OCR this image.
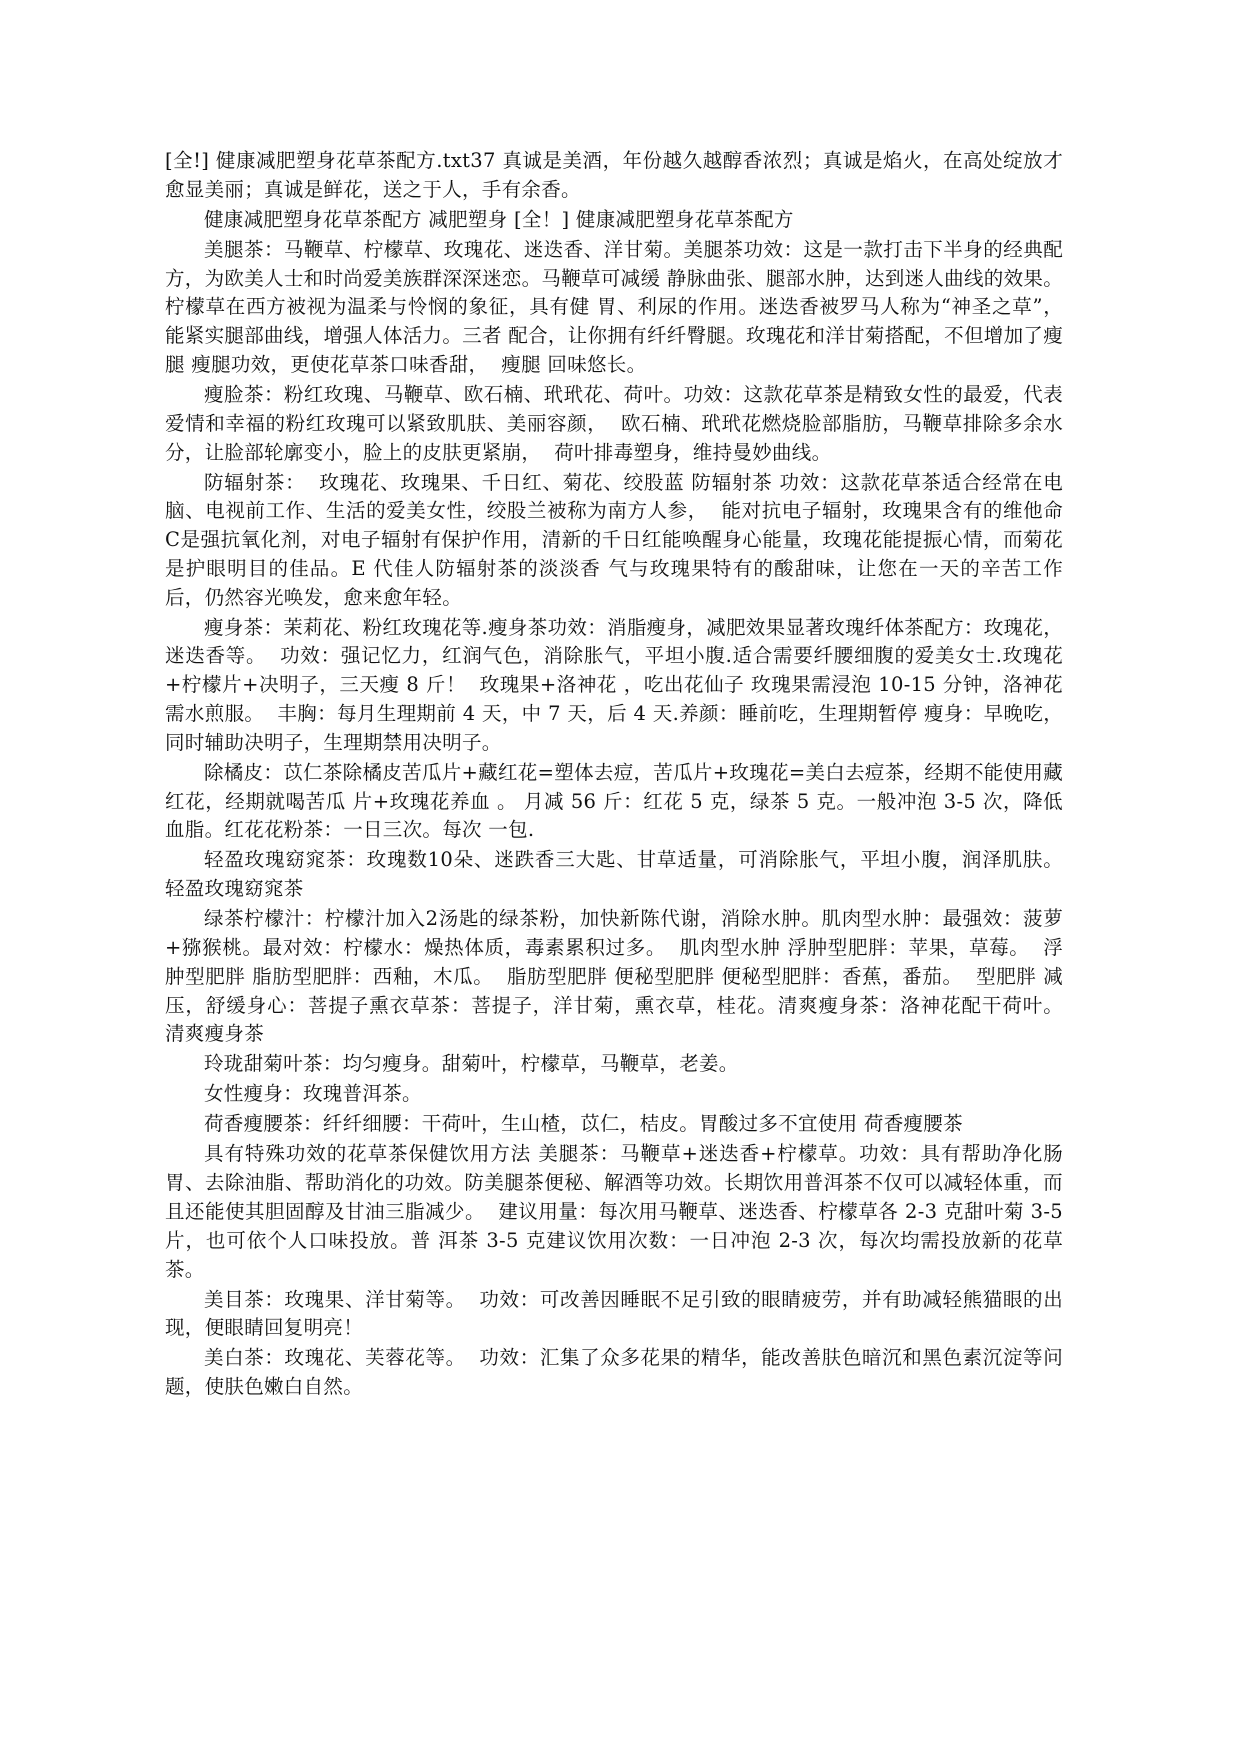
[全!] 健康减肥塑身花草茶配方.txt37 真诚是美酒，年份越久越醇香浓烈；真诚是焰火，在高处绽放才愈显美丽；真诚是鲜花，送之于人，手有余香。

健康减肥塑身花草茶配方 减肥塑身 [全！] 健康减肥塑身花草茶配方

美腿茶：马鞭草、柠檬草、玫瑰花、迷迭香、洋甘菊。美腿茶功效：这是一款打击下半身的经典配方，为欧美人士和时尚爱美族群深深迷恋。马鞭草可减缓 静脉曲张、腿部水肿，达到迷人曲线的效果。柠檬草在西方被视为温柔与怜悯的象征，具有健 胃、利尿的作用。迷迭香被罗马人称为“神圣之草”，能紧实腿部曲线，增强人体活力。三者 配合，让你拥有纤纤臀腿。玫瑰花和洋甘菊搭配，不但增加了瘦腿 瘦腿功效，更使花草茶口味香甜，  瘦腿 回味悠长。

瘦脸茶：粉红玫瑰、马鞭草、欧石楠、玳玳花、荷叶。功效：这款花草茶是精致女性的最爱，代表爱情和幸福的粉红玫瑰可以紧致肌肤、美丽容颜，  欧石楠、玳玳花燃烧脸部脂肪，马鞭草排除多余水分，让脸部轮廓变小，脸上的皮肤更紧崩，  荷叶排毒塑身，维持曼妙曲线。

防辐射茶：  玫瑰花、玫瑰果、千日红、菊花、绞股蓝 防辐射茶 功效：这款花草茶适合经常在电脑、电视前工作、生活的爱美女性，绞股兰被称为南方人参，  能对抗电子辐射，玫瑰果含有的维他命C是强抗氧化剂，对电子辐射有保护作用，清新的千日红能唤醒身心能量，玫瑰花能提振心情，而菊花是护眼明目的佳品。E 代佳人防辐射茶的淡淡香 气与玫瑰果特有的酸甜味，让您在一天的辛苦工作后，仍然容光唤发，愈来愈年轻。

瘦身茶：茉莉花、粉红玫瑰花等.瘦身茶功效：消脂瘦身，减肥效果显著玫瑰纤体茶配方：玫瑰花，迷迭香等。  功效：强记忆力，红润气色，消除胀气，平坦小腹.适合需要纤腰细腹的爱美女士.玫瑰花+柠檬片+决明子，三天瘦 8 斤！  玫瑰果+洛神花 ，吃出花仙子 玫瑰果需浸泡 10-15 分钟，洛神花需水煎服。  丰胸：每月生理期前 4 天，中 7 天，后 4 天.养颜：睡前吃，生理期暂停 瘦身：早晚吃，同时辅助决明子，生理期禁用决明子。

除橘皮：苡仁茶除橘皮苦瓜片+藏红花=塑体去痘，苦瓜片+玫瑰花=美白去痘茶，经期不能使用藏红花，经期就喝苦瓜 片+玫瑰花养血 。 月减 56 斤：红花 5 克，绿茶 5 克。一般冲泡 3-5 次，降低血脂。红花花粉茶：一日三次。每次 一包.

轻盈玫瑰窈窕茶：玫瑰数10朵、迷跌香三大匙、甘草适量，可消除胀气，平坦小腹，润泽肌肤。  轻盈玫瑰窈窕茶

绿茶柠檬汁：柠檬汁加入2汤匙的绿茶粉，加快新陈代谢，消除水肿。肌肉型水肿：最强效：菠萝+猕猴桃。最对效：柠檬水：燥热体质，毒素累积过多。  肌肉型水肿 浮肿型肥胖：苹果，草莓。  浮肿型肥胖 脂肪型肥胖：西釉，木瓜。  脂肪型肥胖 便秘型肥胖 便秘型肥胖：香蕉，番茄。  型肥胖 减压，舒缓身心：菩提子熏衣草茶：菩提子，洋甘菊，熏衣草，桂花。清爽瘦身茶：洛神花配干荷叶。  清爽瘦身茶

玲珑甜菊叶茶：均匀瘦身。甜菊叶，柠檬草，马鞭草，老姜。

女性瘦身：玫瑰普洱茶。

荷香瘦腰茶：纤纤细腰：干荷叶，生山楂，苡仁，桔皮。胃酸过多不宜使用 荷香瘦腰茶

具有特殊功效的花草茶保健饮用方法 美腿茶：马鞭草+迷迭香+柠檬草。功效：具有帮助净化肠胃、去除油脂、帮助消化的功效。防美腿茶便秘、解酒等功效。长期饮用普洱茶不仅可以减轻体重，而且还能使其胆固醇及甘油三脂减少。  建议用量：每次用马鞭草、迷迭香、柠檬草各 2-3 克甜叶菊 3-5 片，也可依个人口味投放。普 洱茶 3-5 克建议饮用次数：一日冲泡 2-3 次，每次均需投放新的花草茶。

美目茶：玫瑰果、洋甘菊等。  功效：可改善因睡眠不足引致的眼睛疲劳，并有助减轻熊猫眼的出现，便眼睛回复明亮！

美白茶：玫瑰花、芙蓉花等。  功效：汇集了众多花果的精华，能改善肤色暗沉和黑色素沉淀等问题，使肤色嫩白自然。
